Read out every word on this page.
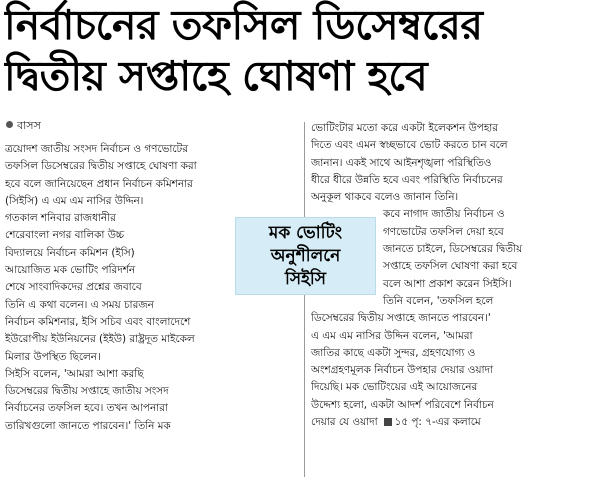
নির্বাচনের তফসিল ডিসেম্বরের
দ্বিতীয় সপ্তাহে ঘোষণা হবে
বাসস
ত্রয়োদশ জাতীয় সংসদ নির্বাচন ও গণভোটের
তফসিল ডিসেম্বরের দ্বিতীয় সপ্তাহে ঘোষণা করা
হবে বলে জানিয়েছেন প্রধান নির্বাচন কমিশনার
(সিইসি) এ এম এম নাসির উদ্দিন।
গতকাল শনিবার রাজধানীর
শেরেবাংলা নগর বালিকা উচ্চ
বিদ্যালয়ে নির্বাচন কমিশন (ইসি)
আয়োজিত মক ভোটিং পরিদর্শন
শেষে সাংবাদিকদের প্রশ্নের জবাবে
তিনি এ কথা বলেন। এ সময় চারজন
নির্বাচন কমিশনার, ইসি সচিব এবং বাংলাদেশে
ইউরোপীয় ইউনিয়নের (ইইউ) রাষ্ট্রদূত মাইকেল
মিলার উপস্থিত ছিলেন।
সিইসি বলেন, 'আমরা আশা করছি
ডিসেম্বরের দ্বিতীয় সপ্তাহে জাতীয় সংসদ
নির্বাচনের তফসিল হবে। তখন আপনারা
তারিখগুলো জানতে পারবেন।' তিনি মক
ভোটিংটার মতো করে একটা ইলেকশন উপহার
দিতে এবং এমন স্বচ্ছভাবে ভোট করতে চান বলে
জানান। একই সাথে আইনশৃঙ্খলা পরিস্থিতিও
ধীরে ধীরে উন্নতি হবে এবং পরিস্থিতি নির্বাচনের
অনুকূল থাকবে বলেও জানান তিনি।
কবে নাগাদ জাতীয় নির্বাচন ও
গণভোটের তফসিল দেয়া হবে
জানতে চাইলে, ডিসেম্বরের দ্বিতীয়
সপ্তাহে তফসিল ঘোষণা করা হবে
বলে আশা প্রকাশ করেন সিইসি।
তিনি বলেন, 'তফসিল হলে
ডিসেম্বরের দ্বিতীয় সপ্তাহে জানতে পারবেন।'
এ এম এম নাসির উদ্দিন বলেন, 'আমরা
জাতির কাছে একটা সুন্দর, গ্রহণযোগ্য ও
অংশগ্রহণমূলক নির্বাচন উপহার দেয়ার ওয়াদা
দিয়েছি। মক ভোটিংয়ের এই আয়োজনের
উদ্দেশ্য হলো, একটা আদর্শ পরিবেশে নির্বাচন
দেয়ার যে ওয়াদা ১৫ পৃ: ৭-এর কলামে
মক ভোটিং
অনুশীলনে
সিইসি
